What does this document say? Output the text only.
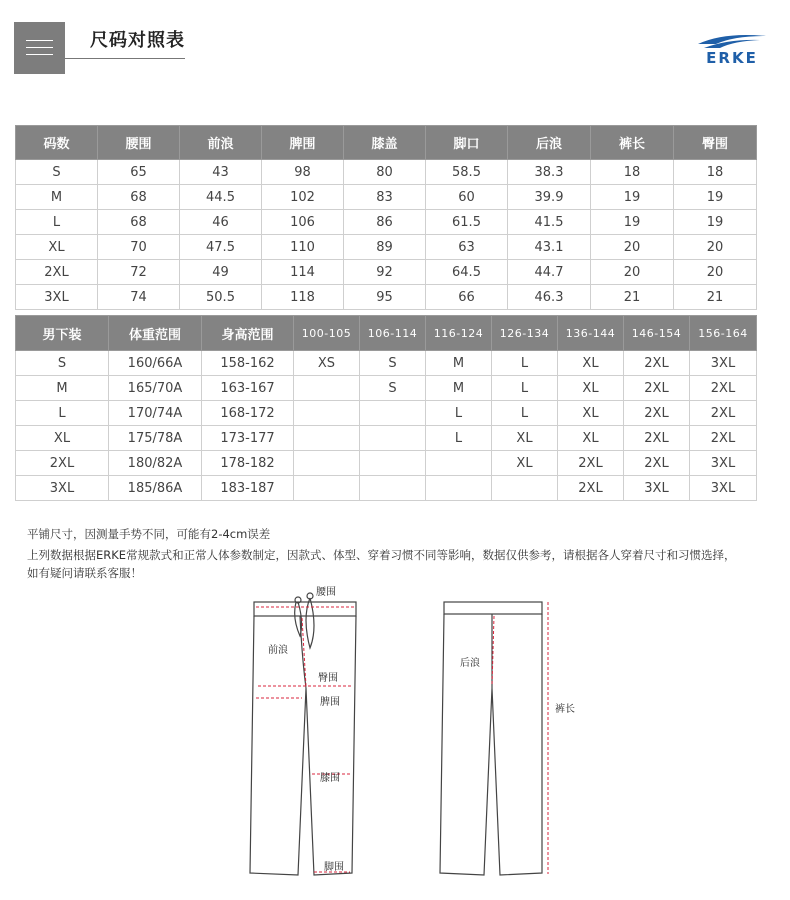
尺码对照表
ERKE
码数	腰围	前浪	脾围	膝盖	脚口	后浪	裤长	臀围
S	65	43	98	80	58.5	38.3	18	18
M	68	44.5	102	83	60	39.9	19	19
L	68	46	106	86	61.5	41.5	19	19
XL	70	47.5	110	89	63	43.1	20	20
2XL	72	49	114	92	64.5	44.7	20	20
3XL	74	50.5	118	95	66	46.3	21	21
男下装	体重范围	身高范围	100-105	106-114	116-124	126-134	136-144	146-154	156-164
S	160/66A	158-162	XS	S	M	L	XL	2XL	3XL
M	165/70A	163-167		S	M	L	XL	2XL	2XL
L	170/74A	168-172			L	L	XL	2XL	2XL
XL	175/78A	173-177			L	XL	XL	2XL	2XL
2XL	180/82A	178-182				XL	2XL	2XL	3XL
3XL	185/86A	183-187					2XL	3XL	3XL
平铺尺寸，因测量手势不同，可能有2-4cm误差
上列数据根据ERKE常规款式和正常人体参数制定，因款式、体型、穿着习惯不同等影响，数据仅供参考，请根据各人穿着尺寸和习惯选择，
如有疑问请联系客服！
腰围
前浪
臀围
脾围
膝围
脚围
后浪
裤长
